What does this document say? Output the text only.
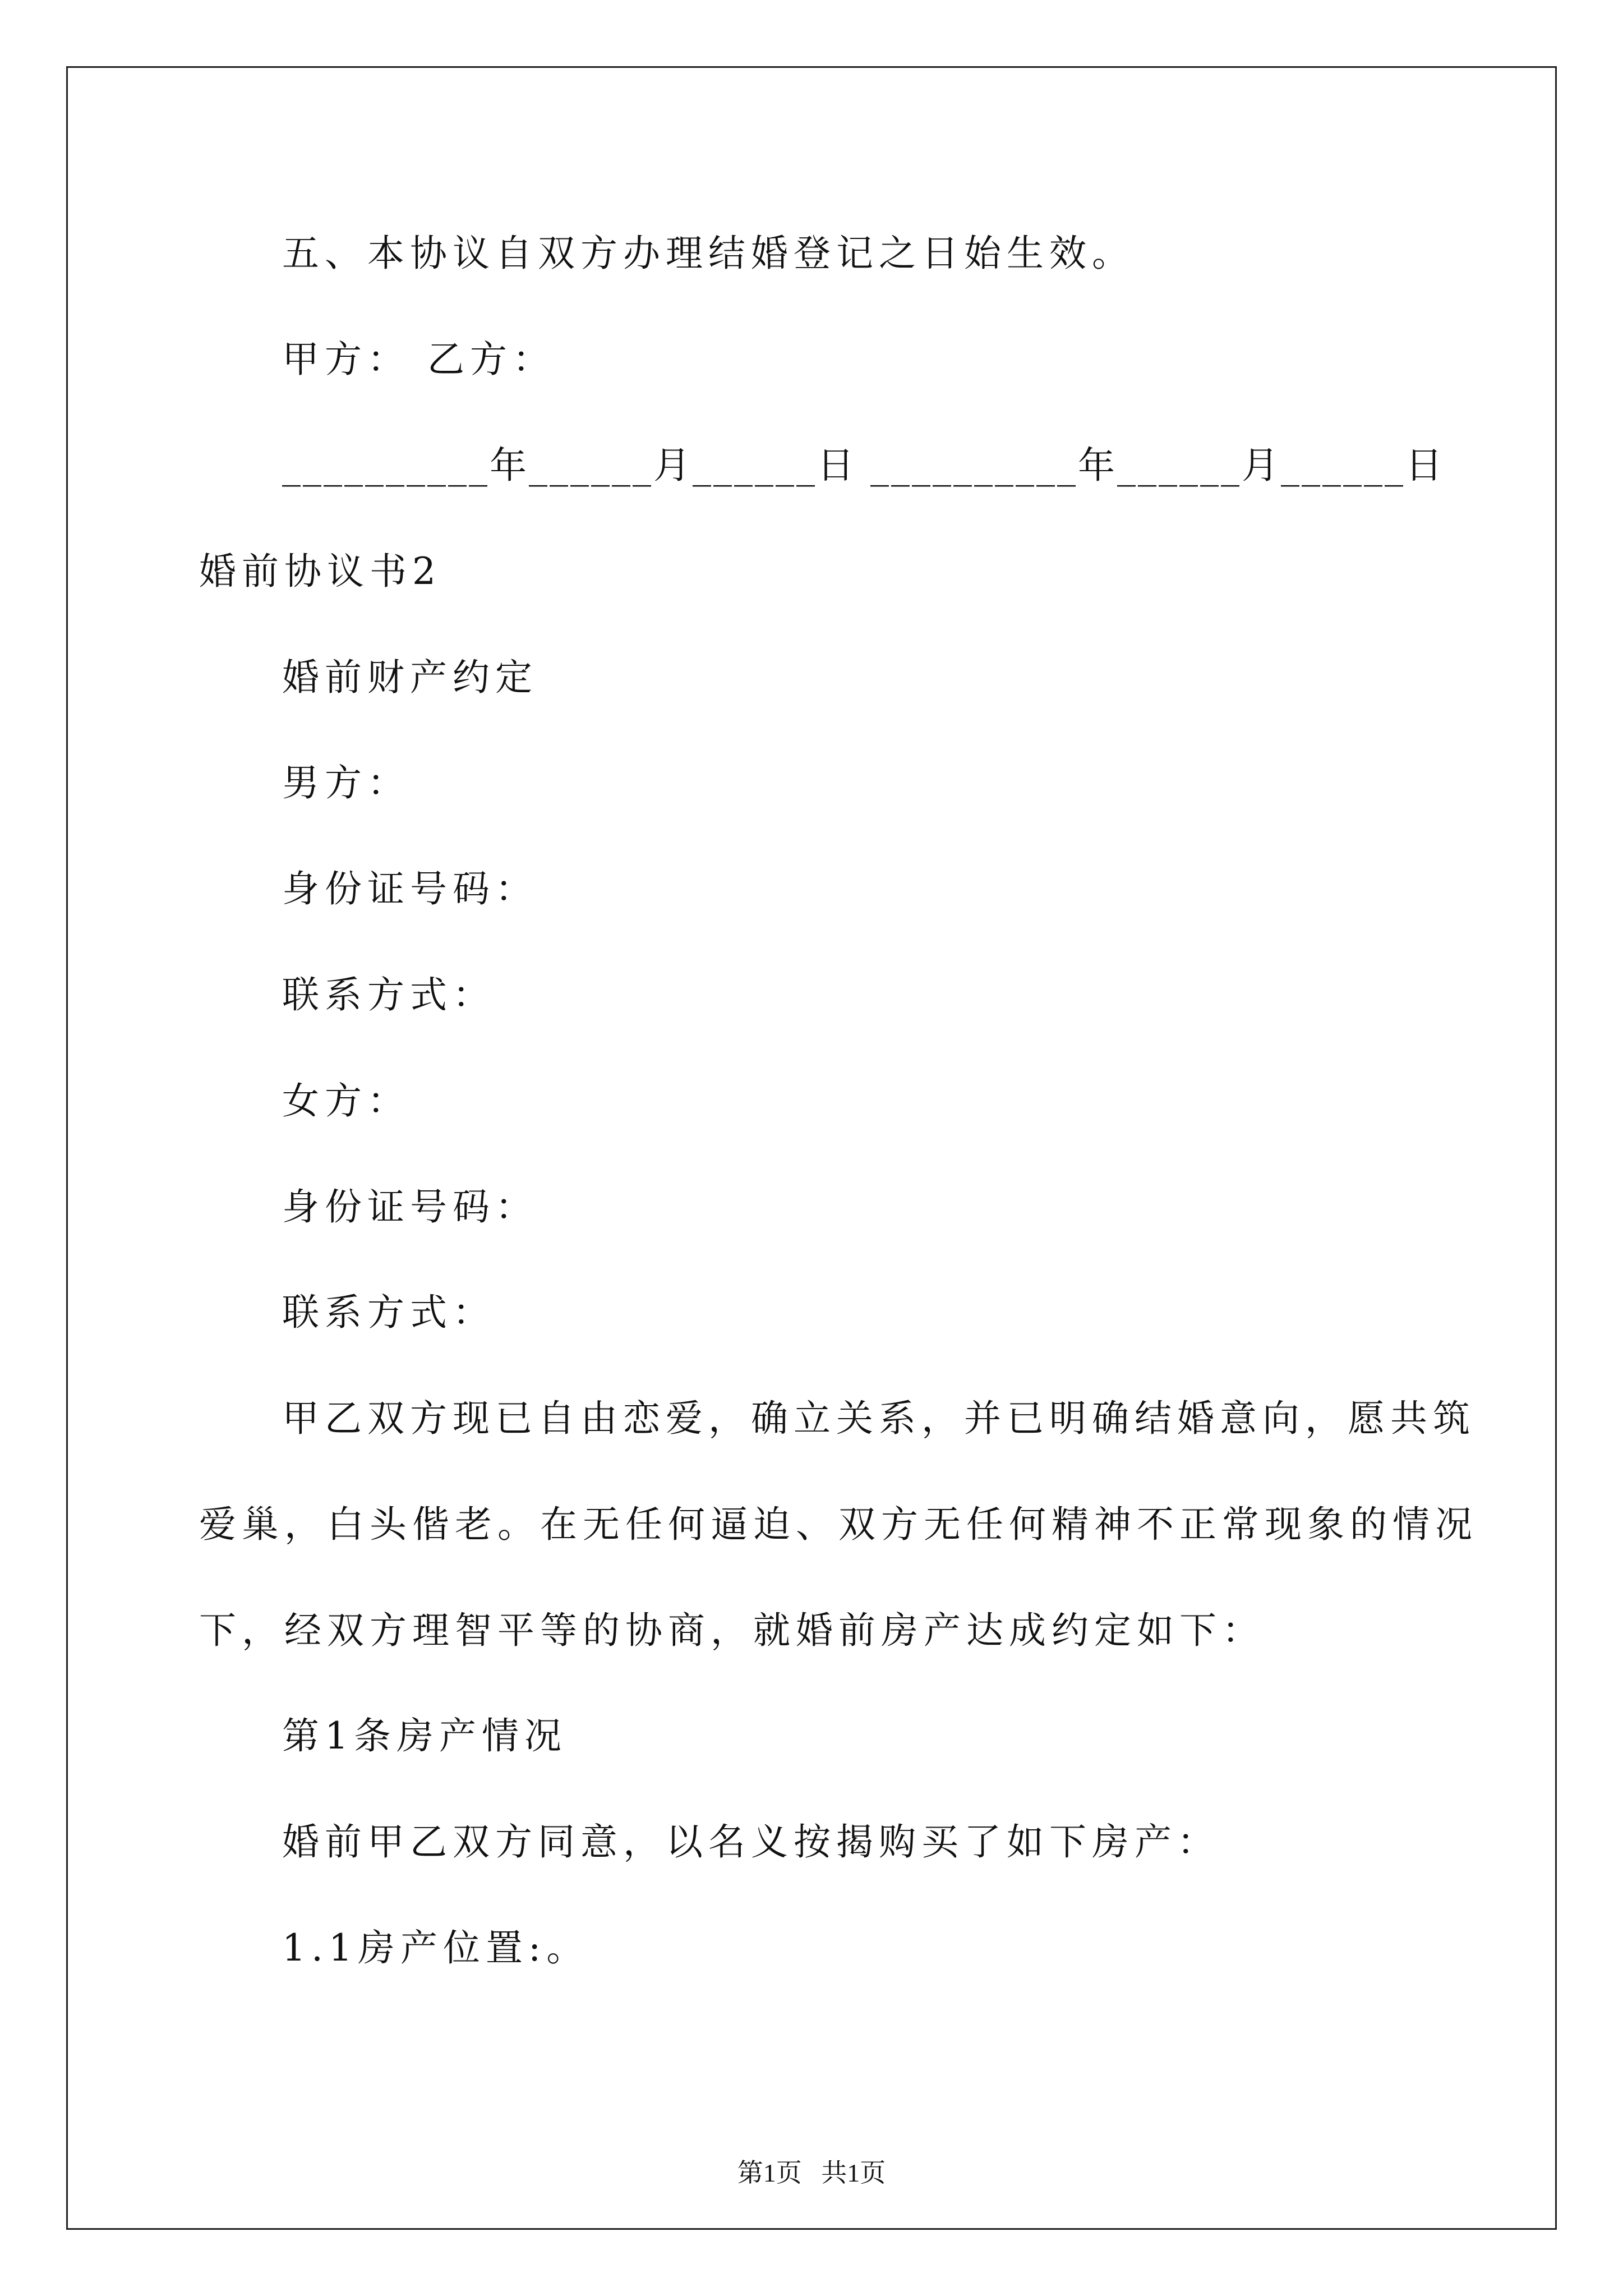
五、本协议自双方办理结婚登记之日始生效。
甲方： 乙方：
__________年______月______日 __________年______月______日
婚前协议书2
婚前财产约定
男方：
身份证号码：
联系方式：
女方：
身份证号码：
联系方式：
甲乙双方现已自由恋爱，确立关系，并已明确结婚意向，愿共筑
爱巢，白头偕老。在无任何逼迫、双方无任何精神不正常现象的情况
下，经双方理智平等的协商，就婚前房产达成约定如下：
第1条房产情况
婚前甲乙双方同意，以名义按揭购买了如下房产：
1.1房产位置:。
第1页   共1页
